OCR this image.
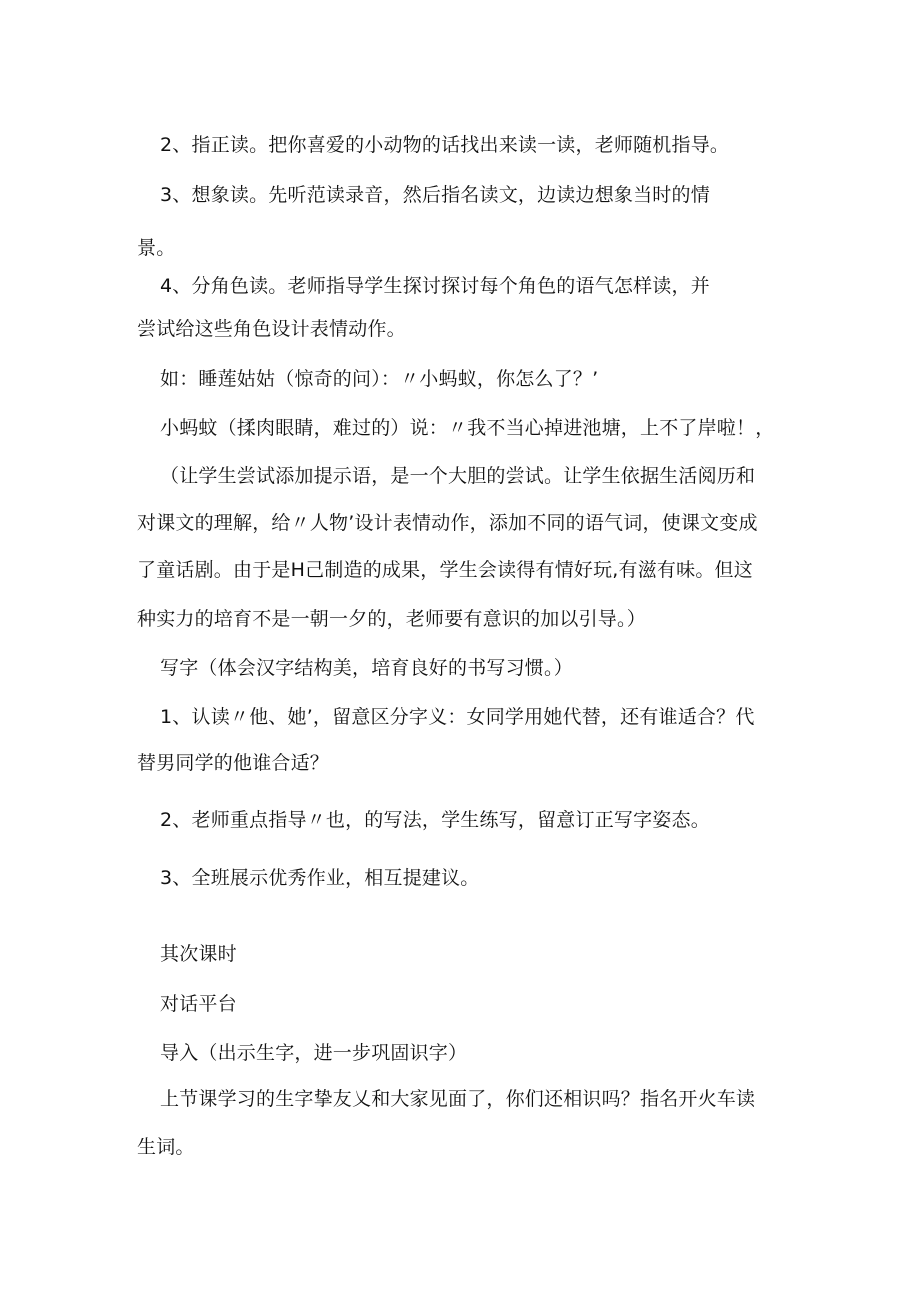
2、指正读。把你喜爱的小动物的话找出来读一读，老师随机指导。
3、想象读。先听范读录音，然后指名读文，边读边想象当时的情
景。
4、分角色读。老师指导学生探讨探讨每个角色的语气怎样读，并
尝试给这些角色设计表情动作。
如：睡莲姑姑（惊奇的问）：〃小蚂蚁，你怎么了？’
小蚂蚊（揉肉眼睛，难过的）说：〃我不当心掉进池塘，上不了岸啦！，
（让学生尝试添加提示语，是一个大胆的尝试。让学生依据生活阅历和
对课文的理解，给〃人物’设计表情动作，添加不同的语气词，使课文变成
了童话剧。由于是H己制造的成果，学生会读得有情好玩,有滋有味。但这
种实力的培育不是一朝一夕的，老师要有意识的加以引导。）
写字（体会汉字结构美，培育良好的书写习惯。）
1、认读〃他、她’，留意区分字义：女同学用她代替，还有谁适合？代
替男同学的他谁合适？
2、老师重点指导〃也，的写法，学生练写，留意订正写字姿态。
3、全班展示优秀作业，相互提建议。
其次课时
对话平台
导入（出示生字，进一步巩固识字）
上节课学习的生字挚友乂和大家见面了，你们还相识吗？指名开火车读
生词。
